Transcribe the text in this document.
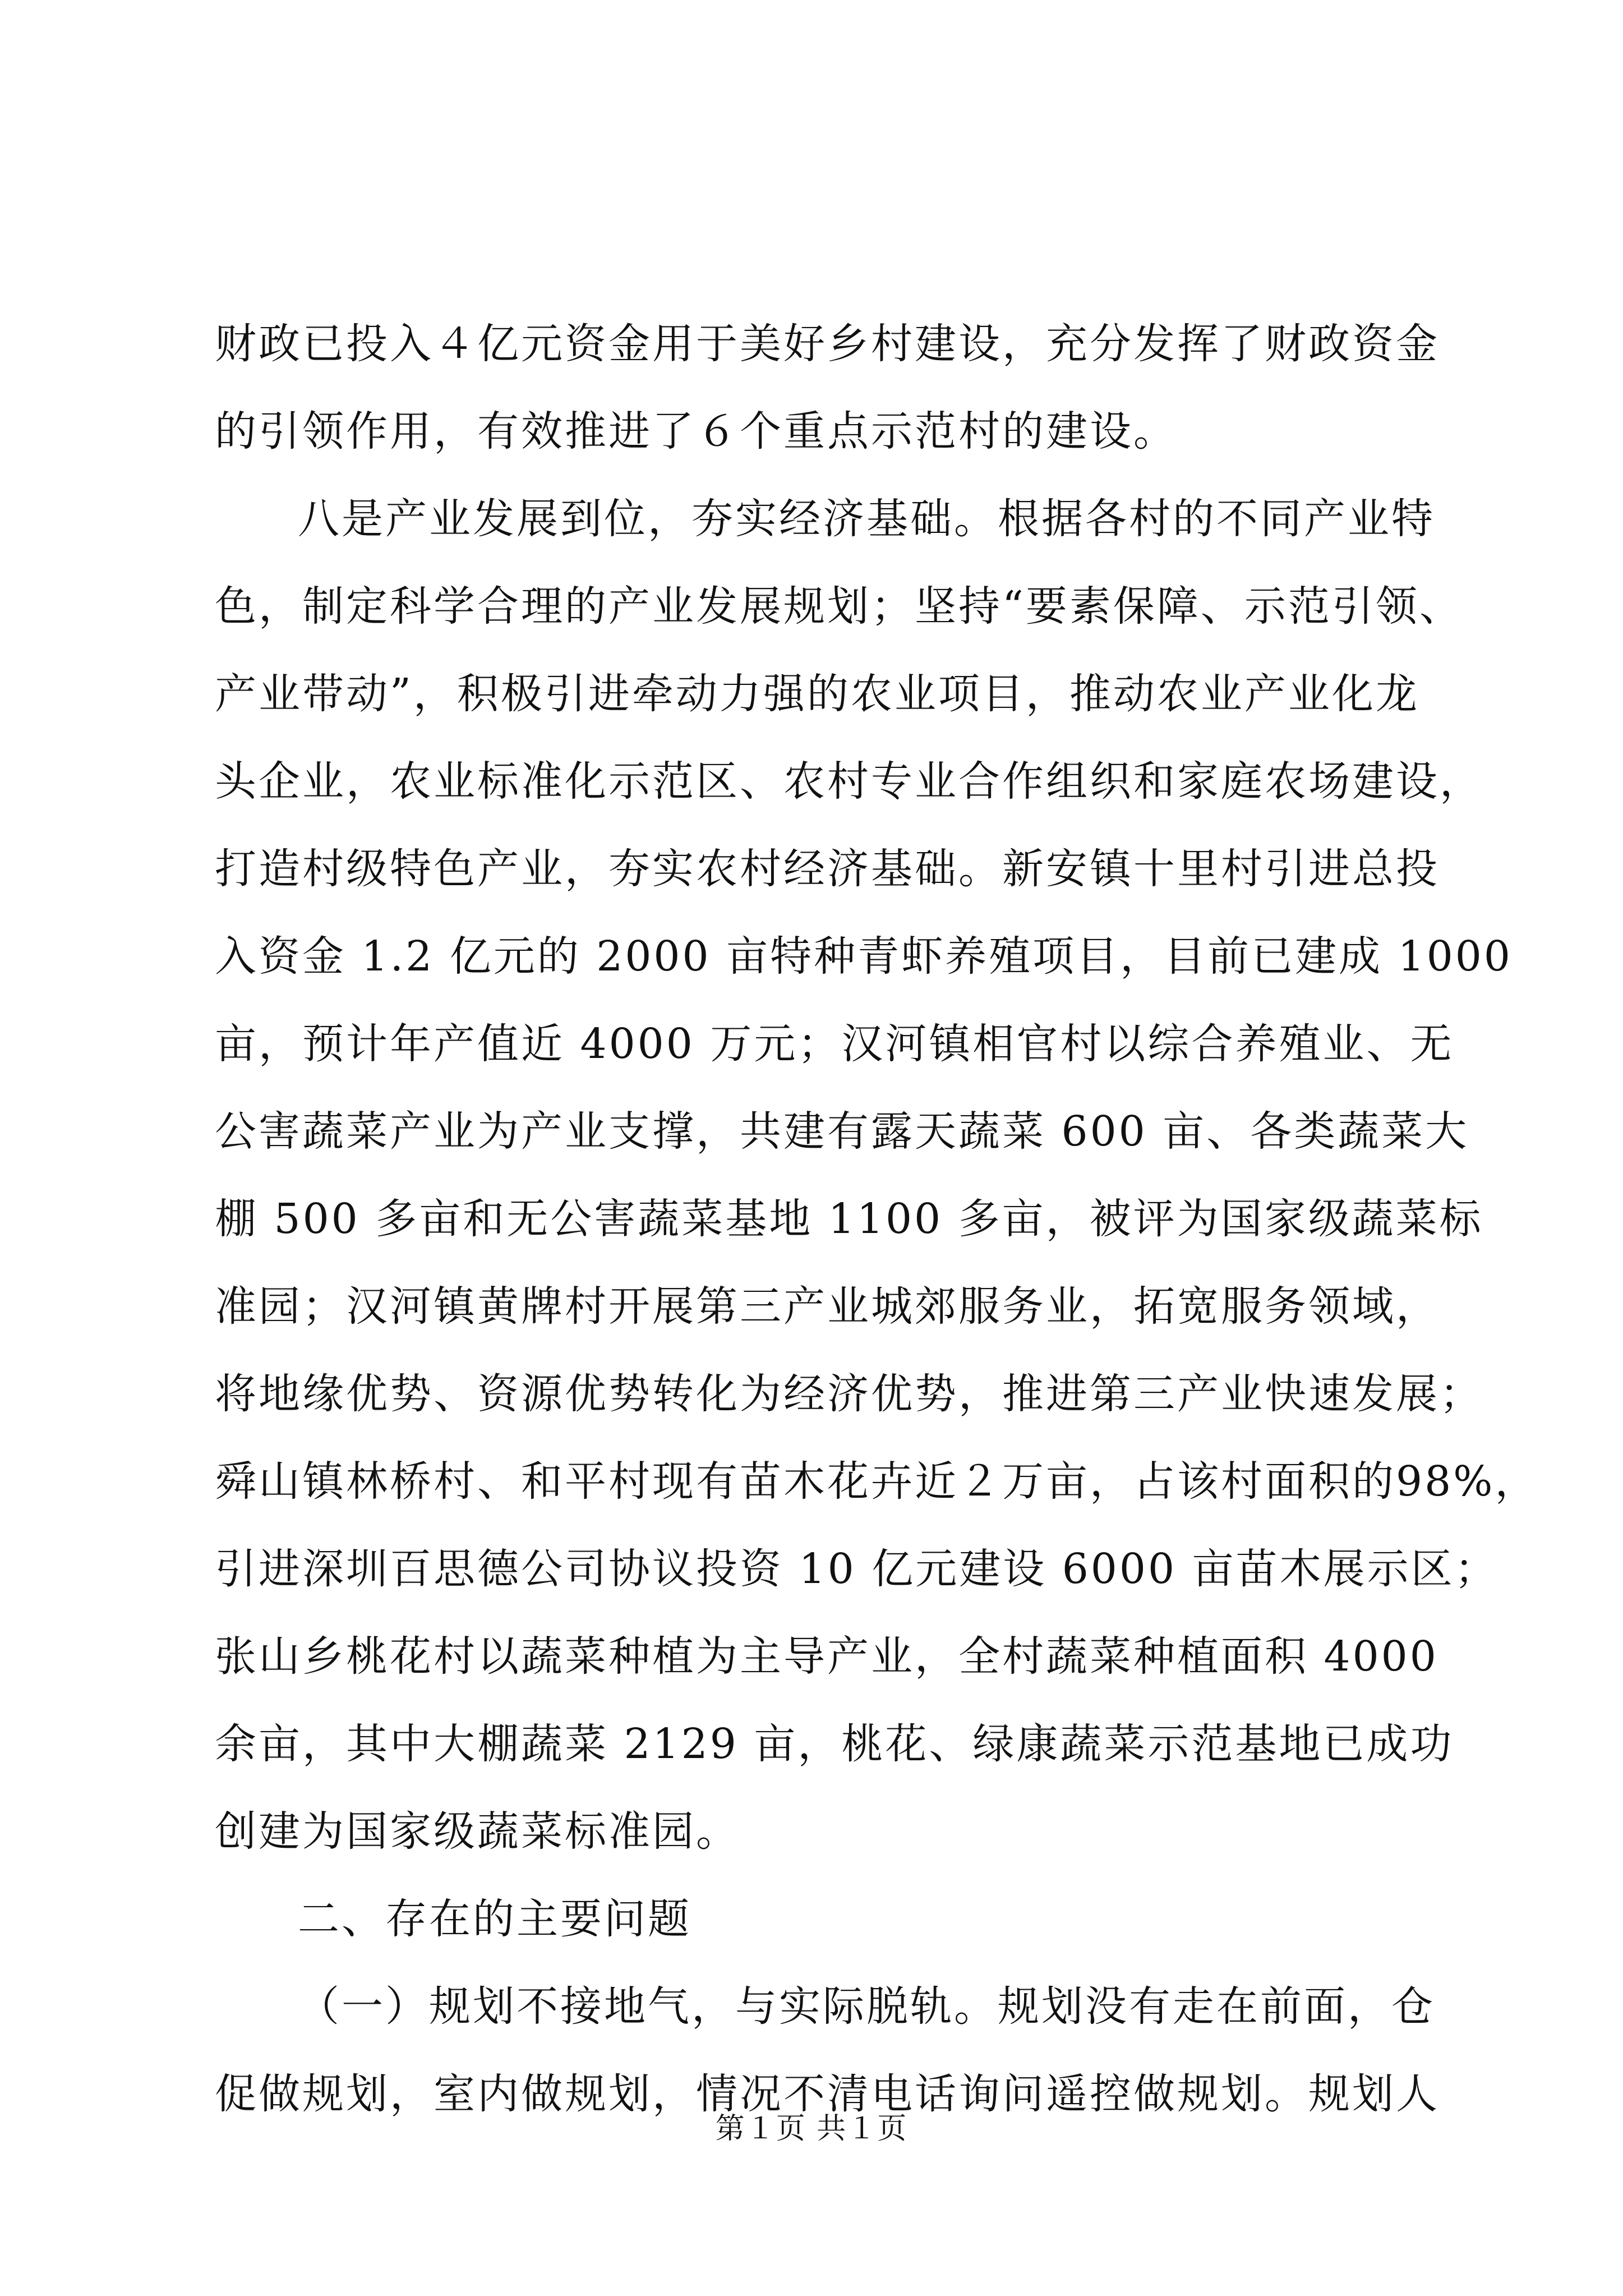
财政已投入４亿元资金用于美好乡村建设，充分发挥了财政资金
的引领作用，有效推进了６个重点示范村的建设。
八是产业发展到位，夯实经济基础。根据各村的不同产业特
色，制定科学合理的产业发展规划；坚持“要素保障、示范引领、
产业带动”，积极引进牵动力强的农业项目，推动农业产业化龙
头企业，农业标准化示范区、农村专业合作组织和家庭农场建设，
打造村级特色产业，夯实农村经济基础。新安镇十里村引进总投
入资金 1.2 亿元的 2000 亩特种青虾养殖项目，目前已建成 1000
亩，预计年产值近 4000 万元；汉河镇相官村以综合养殖业、无
公害蔬菜产业为产业支撑，共建有露天蔬菜 600 亩、各类蔬菜大
棚 500 多亩和无公害蔬菜基地 1100 多亩，被评为国家级蔬菜标
准园；汉河镇黄牌村开展第三产业城郊服务业，拓宽服务领域，
将地缘优势、资源优势转化为经济优势，推进第三产业快速发展；
舜山镇林桥村、和平村现有苗木花卉近２万亩，占该村面积的98%，
引进深圳百思德公司协议投资 10 亿元建设 6000 亩苗木展示区；
张山乡桃花村以蔬菜种植为主导产业，全村蔬菜种植面积 4000
余亩，其中大棚蔬菜 2129 亩，桃花、绿康蔬菜示范基地已成功
创建为国家级蔬菜标准园。
二、存在的主要问题
（一）规划不接地气，与实际脱轨。规划没有走在前面，仓
促做规划，室内做规划，情况不清电话询问遥控做规划。规划人
第１页 共１页
